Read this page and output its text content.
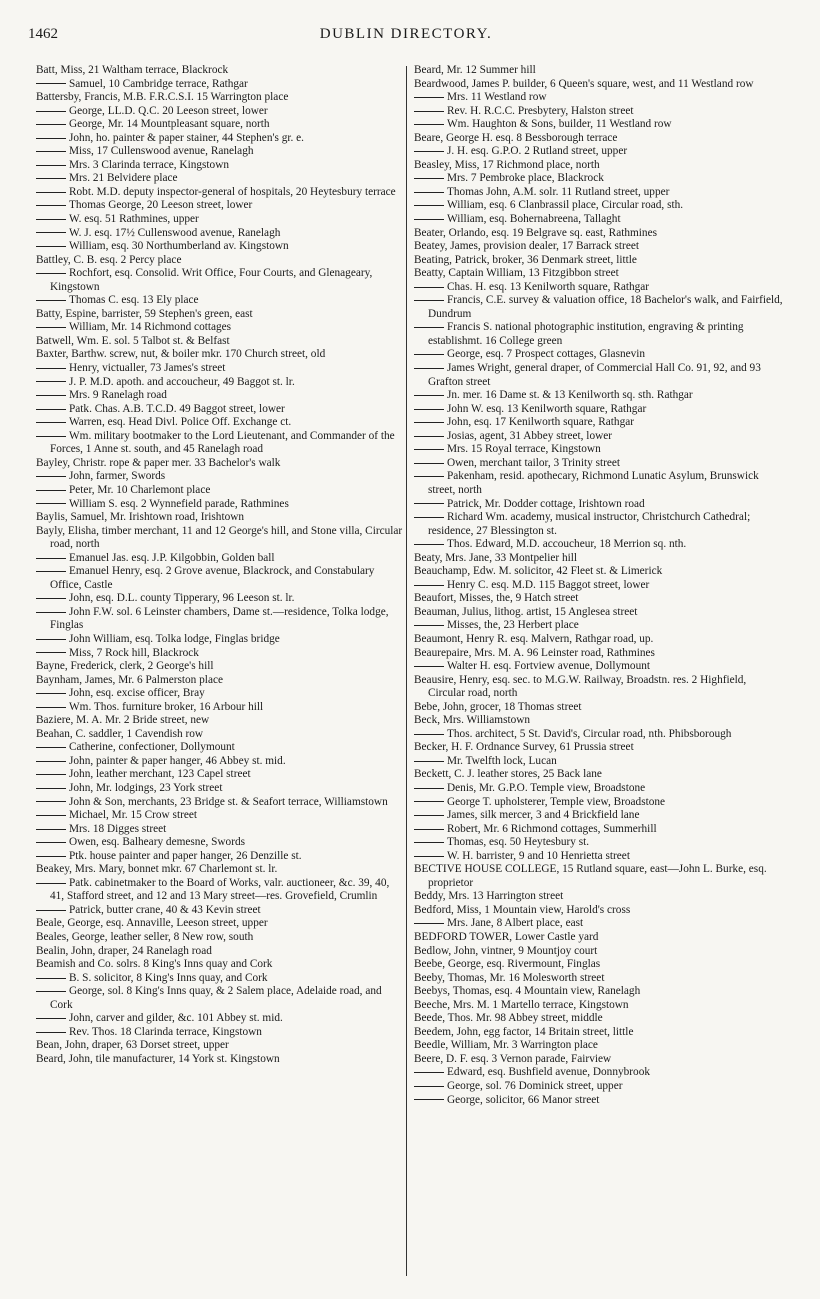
1462	DUBLIN DIRECTORY.
Batt, Miss, 21 Waltham terrace, Blackrock
Samuel, 10 Cambridge terrace, Rathgar
Battersby, Francis, M.B. F.R.C.S.I. 15 Warrington place
George, LL.D. Q.C. 20 Leeson street, lower
George, Mr. 14 Mountpleasant square, north
John, ho. painter & paper stainer, 44 Stephen's gr. e.
Miss, 17 Cullenswood avenue, Ranelagh
Mrs. 3 Clarinda terrace, Kingstown
Mrs. 21 Belvidere place
Robt. M.D. deputy inspector-general of hospitals, 20 Heytesbury terrace
Thomas George, 20 Leeson street, lower
W. esq. 51 Rathmines, upper
W. J. esq. 17½ Cullenswood avenue, Ranelagh
William, esq. 30 Northumberland av. Kingstown
Battley, C. B. esq. 2 Percy place
Rochfort, esq. Consolid. Writ Office, Four Courts, and Glenageary, Kingstown
Thomas C. esq. 13 Ely place
Batty, Espine, barrister, 59 Stephen's green, east
William, Mr. 14 Richmond cottages
Batwell, Wm. E. sol. 5 Talbot st. & Belfast
Baxter, Barthw. screw, nut, & boiler mkr. 170 Church street, old
Henry, victualler, 73 James's street
J. P. M.D. apoth. and accoucheur, 49 Baggot st. lr.
Mrs. 9 Ranelagh road
Patk. Chas. A.B. T.C.D. 49 Baggot street, lower
Warren, esq. Head Divl. Police Off. Exchange ct.
Wm. military bootmaker to the Lord Lieutenant, and Commander of the Forces, 1 Anne st. south, and 45 Ranelagh road
Bayley, Christr. rope & paper mer. 33 Bachelor's walk
John, farmer, Swords
Peter, Mr. 10 Charlemont place
William S. esq. 2 Wynnefield parade, Rathmines
Baylis, Samuel, Mr. Irishtown road, Irishtown
Bayly, Elisha, timber merchant, 11 and 12 George's hill, and Stone villa, Circular road, north
Emanuel Jas. esq. J.P. Kilgobbin, Golden ball
Emanuel Henry, esq. 2 Grove avenue, Blackrock, and Constabulary Office, Castle
John, esq. D.L. county Tipperary, 96 Leeson st. lr.
John F.W. sol. 6 Leinster chambers, Dame st.—residence, Tolka lodge, Finglas
John William, esq. Tolka lodge, Finglas bridge
Miss, 7 Rock hill, Blackrock
Bayne, Frederick, clerk, 2 George's hill
Baynham, James, Mr. 6 Palmerston place
John, esq. excise officer, Bray
Wm. Thos. furniture broker, 16 Arbour hill
Baziere, M. A. Mr. 2 Bride street, new
Beahan, C. saddler, 1 Cavendish row
Catherine, confectioner, Dollymount
John, painter & paper hanger, 46 Abbey st. mid.
John, leather merchant, 123 Capel street
John, Mr. lodgings, 23 York street
John & Son, merchants, 23 Bridge st. & Seafort terrace, Williamstown
Michael, Mr. 15 Crow street
Mrs. 18 Digges street
Owen, esq. Balheary demesne, Swords
Ptk. house painter and paper hanger, 26 Denzille st.
Beakey, Mrs. Mary, bonnet mkr. 67 Charlemont st. lr.
Patk. cabinetmaker to the Board of Works, valr. auctioneer, &c. 39, 40, 41, Stafford street, and 12 and 13 Mary street—res. Grovefield, Crumlin
Patrick, butter crane, 40 & 43 Kevin street
Beale, George, esq. Annaville, Leeson street, upper
Beales, George, leather seller, 8 New row, south
Bealin, John, draper, 24 Ranelagh road
Beamish and Co. solrs. 8 King's Inns quay and Cork
B. S. solicitor, 8 King's Inns quay, and Cork
George, sol. 8 King's Inns quay, & 2 Salem place, Adelaide road, and Cork
John, carver and gilder, &c. 101 Abbey st. mid.
Rev. Thos. 18 Clarinda terrace, Kingstown
Bean, John, draper, 63 Dorset street, upper
Beard, John, tile manufacturer, 14 York st. Kingstown
Beard, Mr. 12 Summer hill
Beardwood, James P. builder, 6 Queen's square, west, and 11 Westland row
Mrs. 11 Westland row
Rev. H. R.C.C. Presbytery, Halston street
Wm. Haughton & Sons, builder, 11 Westland row
Beare, George H. esq. 8 Bessborough terrace
J. H. esq. G.P.O. 2 Rutland street, upper
Beasley, Miss, 17 Richmond place, north
Mrs. 7 Pembroke place, Blackrock
Thomas John, A.M. solr. 11 Rutland street, upper
William, esq. 6 Clanbrassil place, Circular road, sth.
William, esq. Bohernabreena, Tallaght
Beater, Orlando, esq. 19 Belgrave sq. east, Rathmines
Beatey, James, provision dealer, 17 Barrack street
Beating, Patrick, broker, 36 Denmark street, little
Beatty, Captain William, 13 Fitzgibbon street
Chas. H. esq. 13 Kenilworth square, Rathgar
Francis, C.E. survey & valuation office, 18 Bachelor's walk, and Fairfield, Dundrum
Francis S. national photographic institution, engraving & printing establishmt. 16 College green
George, esq. 7 Prospect cottages, Glasnevin
James Wright, general draper, of Commercial Hall Co. 91, 92, and 93 Grafton street
Jn. mer. 16 Dame st. & 13 Kenilworth sq. sth. Rathgar
John W. esq. 13 Kenilworth square, Rathgar
John, esq. 17 Kenilworth square, Rathgar
Josias, agent, 31 Abbey street, lower
Mrs. 15 Royal terrace, Kingstown
Owen, merchant tailor, 3 Trinity street
Pakenham, resid. apothecary, Richmond Lunatic Asylum, Brunswick street, north
Patrick, Mr. Dodder cottage, Irishtown road
Richard Wm. academy, musical instructor, Christchurch Cathedral; residence, 27 Blessington st.
Thos. Edward, M.D. accoucheur, 18 Merrion sq. nth.
Beaty, Mrs. Jane, 33 Montpelier hill
Beauchamp, Edw. M. solicitor, 42 Fleet st. & Limerick
Henry C. esq. M.D. 115 Baggot street, lower
Beaufort, Misses, the, 9 Hatch street
Beauman, Julius, lithog. artist, 15 Anglesea street
Misses, the, 23 Herbert place
Beaumont, Henry R. esq. Malvern, Rathgar road, up.
Beaurepaire, Mrs. M. A. 96 Leinster road, Rathmines
Walter H. esq. Fortview avenue, Dollymount
Beausire, Henry, esq. sec. to M.G.W. Railway, Broadstn. res. 2 Highfield, Circular road, north
Bebe, John, grocer, 18 Thomas street
Beck, Mrs. Williamstown
Thos. architect, 5 St. David's, Circular road, nth. Phibsborough
Becker, H. F. Ordnance Survey, 61 Prussia street
Mr. Twelfth lock, Lucan
Beckett, C. J. leather stores, 25 Back lane
Denis, Mr. G.P.O. Temple view, Broadstone
George T. upholsterer, Temple view, Broadstone
James, silk mercer, 3 and 4 Brickfield lane
Robert, Mr. 6 Richmond cottages, Summerhill
Thomas, esq. 50 Heytesbury st.
W. H. barrister, 9 and 10 Henrietta street
BECTIVE HOUSE COLLEGE, 15 Rutland square, east—John L. Burke, esq. proprietor
Beddy, Mrs. 13 Harrington street
Bedford, Miss, 1 Mountain view, Harold's cross
Mrs. Jane, 8 Albert place, east
BEDFORD TOWER, Lower Castle yard
Bedlow, John, vintner, 9 Mountjoy court
Beebe, George, esq. Rivermount, Finglas
Beeby, Thomas, Mr. 16 Molesworth street
Beebys, Thomas, esq. 4 Mountain view, Ranelagh
Beeche, Mrs. M. 1 Martello terrace, Kingstown
Beede, Thos. Mr. 98 Abbey street, middle
Beedem, John, egg factor, 14 Britain street, little
Beedle, William, Mr. 3 Warrington place
Beere, D. F. esq. 3 Vernon parade, Fairview
Edward, esq. Bushfield avenue, Donnybrook
George, sol. 76 Dominick street, upper
George, solicitor, 66 Manor street
